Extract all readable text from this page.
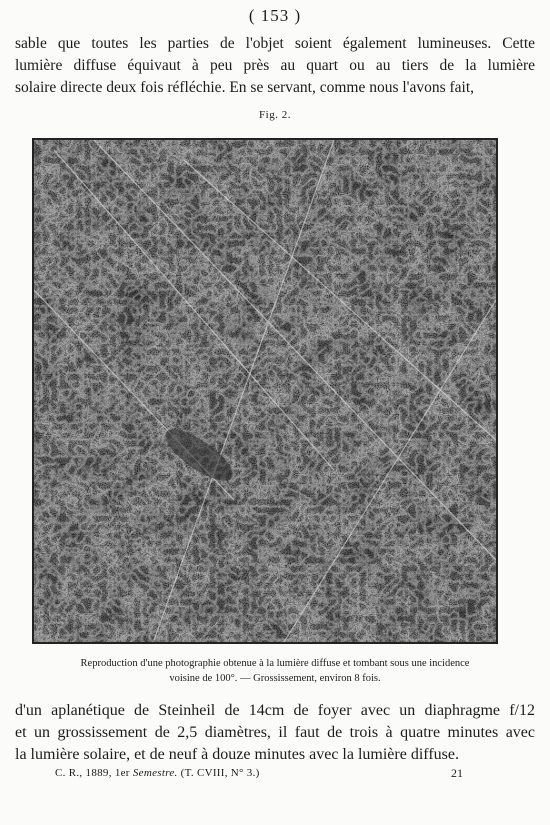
( 153 )
sable que toutes les parties de l'objet soient également lumineuses. Cette
lumière diffuse équivaut à peu près au quart ou au tiers de la lumière
solaire directe deux fois réfléchie. En se servant, comme nous l'avons fait,
Fig. 2.
Reproduction d'une photographie obtenue à la lumière diffuse et tombant sous une incidence
voisine de 100°. — Grossissement, environ 8 fois.
d'un aplanétique de Steinheil de 14cm de foyer avec un diaphragme f/12
et un grossissement de 2,5 diamètres, il faut de trois à quatre minutes avec
la lumière solaire, et de neuf à douze minutes avec la lumière diffuse.
C. R., 1889, 1er Semestre. (T. CVIII, N° 3.)	21
